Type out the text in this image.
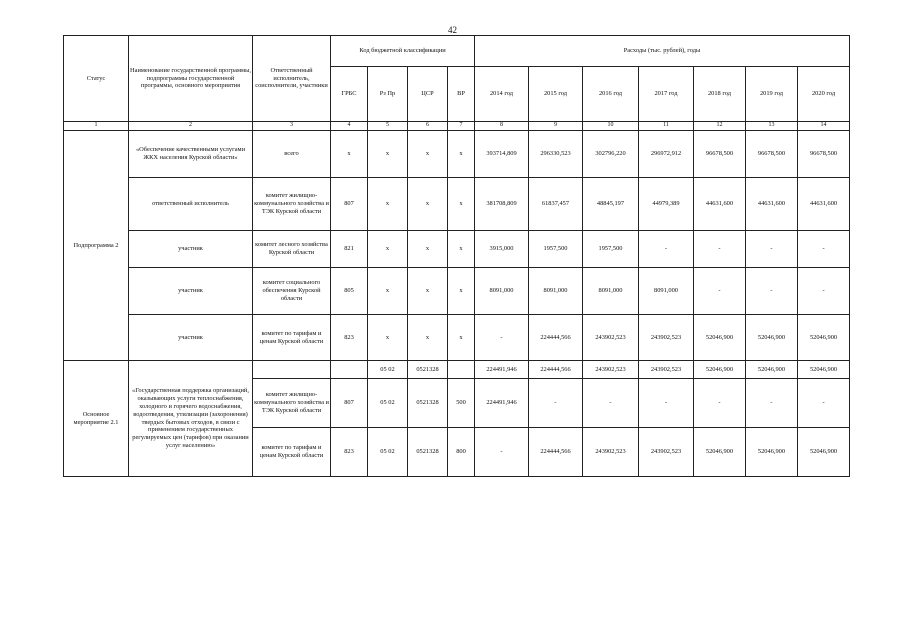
42
Статус	Наименование государственной программы, подпрограммы государственной программы, основного мероприятия	Ответственный исполнитель, соисполнители, участники	Код бюджетной классификации				Расходы (тыс. рублей), годы						
			ГРБС	Рз Пр	ЦСР	ВР	2014 год	2015 год	2016 год	2017 год	2018 год	2019 год	2020 год
1	2	3	4	5	6	7	8	9	10	11	12	13	14
Подпрограмма 2	«Обеспечение качественными услугами ЖКХ населения Курской области»	всего	х	х	х	х	393714,809	296330,523	302796,220	296972,912	96678,500	96678,500	96678,500
	ответственный исполнитель	комитет жилищно-коммунального хозяйства и ТЭК Курской области	807	х	х	х	381708,809	61837,457	48845,197	44979,389	44631,600	44631,600	44631,600
	участник	комитет лесного хозяйства Курской области	821	х	х	х	3915,000	1957,500	1957,500	-	-	-	-
	участник	комитет социального обеспечения Курской области	805	х	х	х	8091,000	8091,000	8091,000	8091,000	-	-	-
	участник	комитет по тарифам и ценам Курской области	823	х	х	х	-	224444,566	243902,523	243902,523	52046,900	52046,900	52046,900
Основное мероприятие 2.1	«Государственная поддержка организаций, оказывающих услуги теплоснабжения, холодного и горячего водоснабжения, водоотведения, утилизации (захоронения) твердых бытовых отходов, в связи с применением государственных регулируемых цен (тарифов) при оказании услуг населению»			05 02	0521328		224491,946	224444,566	243902,523	243902,523	52046,900	52046,900	52046,900
		комитет жилищно-коммунального хозяйства и ТЭК Курской области	807	05 02	0521328	500	224491,946	-	-	-	-	-	-
		комитет по тарифам и ценам Курской области	823	05 02	0521328	800	-	224444,566	243902,523	243902,523	52046,900	52046,900	52046,900
